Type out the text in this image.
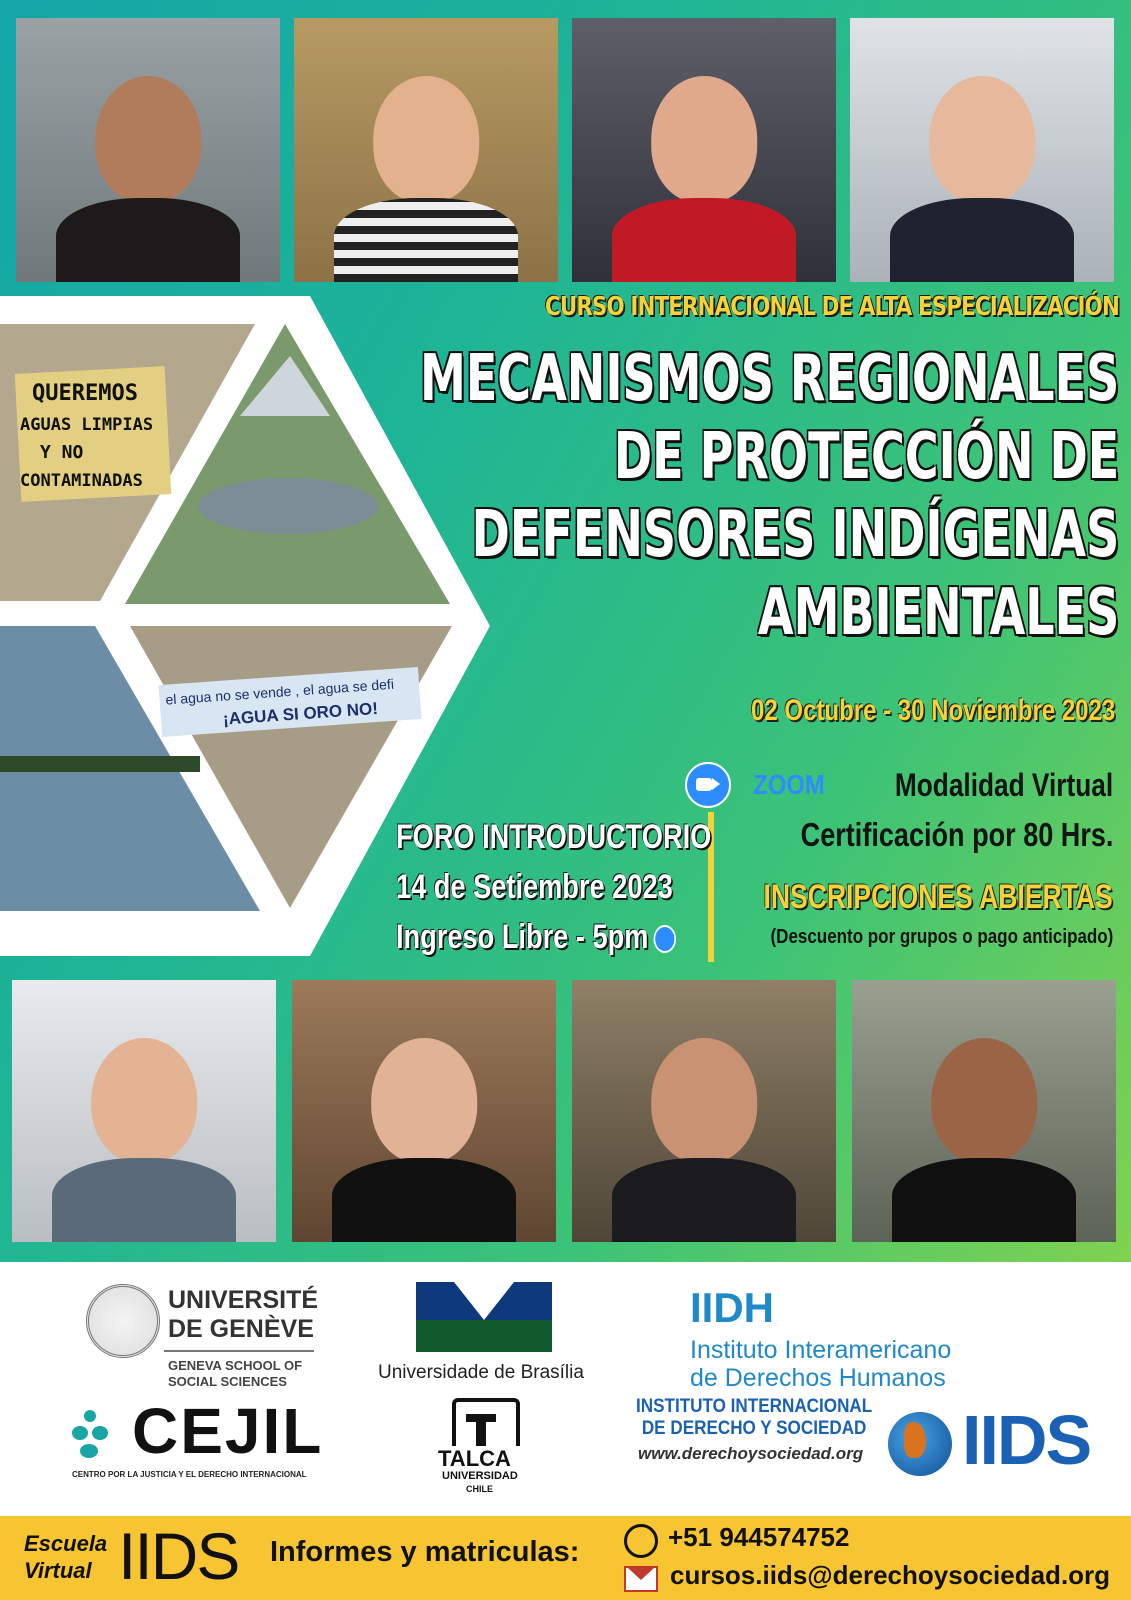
QUEREMOS
AGUAS LIMPIAS
Y NO
CONTAMINADAS
el agua no se vende , el agua se defi
¡AGUA SI ORO NO!
CURSO INTERNACIONAL DE ALTA ESPECIALIZACIÓN
MECANISMOS REGIONALES
DE PROTECCIÓN DE
DEFENSORES INDÍGENAS
AMBIENTALES
02 Octubre - 30 Noviembre 2023
ZOOM Modalidad Virtual
Certificación por 80 Hrs.
INSCRIPCIONES ABIERTAS
(Descuento por grupos o pago anticipado)
FORO INTRODUCTORIO
14 de Setiembre 2023
Ingreso Libre - 5pm
UNIVERSITÉ
DE GENÈVE
GENEVA SCHOOL OF
SOCIAL SCIENCES	Universidade de Brasília
IIDH
Instituto Interamericano
de Derechos Humanos
CEJIL
CENTRO POR LA JUSTICIA Y EL DERECHO INTERNACIONAL
TALCA
UNIVERSIDAD
CHILE
INSTITUTO INTERNACIONAL
DE DERECHO Y SOCIEDAD
www.derechoysociedad.org IIDS
Escuela
Virtual IIDS Informes y matriculas:	+51 944574752
cursos.iids@derechoysociedad.org
